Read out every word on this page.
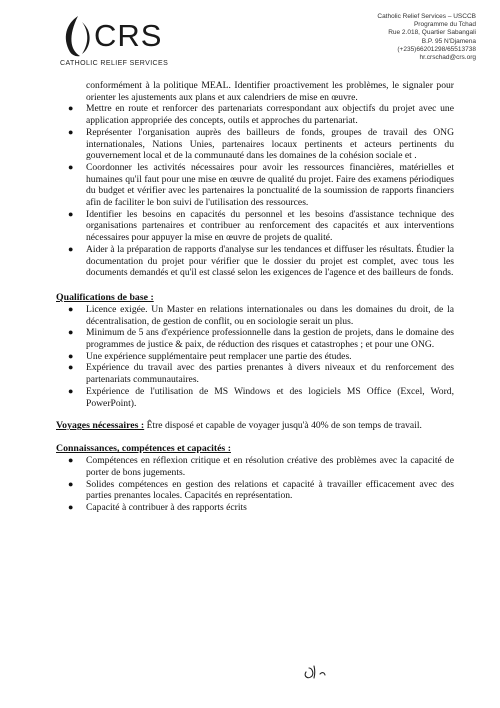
CRS
CATHOLIC RELIEF SERVICES
Catholic Relief Services – USCCB
Programme du Tchad
Rue 2.018, Quartier Sabangali
B.P. 95 N'Djamena
(+235)66201298/65513738
hr.crschad@crs.org
conformément à la politique MEAL. Identifier proactivement les problèmes, le signaler pour orienter les ajustements aux plans et aux calendriers de mise en œuvre.
● Mettre en route et renforcer des partenariats correspondant aux objectifs du projet avec une application appropriée des concepts, outils et approches du partenariat.
● Représenter l'organisation auprès des bailleurs de fonds, groupes de travail des ONG internationales, Nations Unies, partenaires locaux pertinents et acteurs pertinents du gouvernement local et de la communauté dans les domaines de la cohésion sociale et .
● Coordonner les activités nécessaires pour avoir les ressources financières, matérielles et humaines qu'il faut pour une mise en œuvre de qualité du projet. Faire des examens périodiques du budget et vérifier avec les partenaires la ponctualité de la soumission de rapports financiers afin de faciliter le bon suivi de l'utilisation des ressources.
● Identifier les besoins en capacités du personnel et les besoins d'assistance technique des organisations partenaires et contribuer au renforcement des capacités et aux interventions nécessaires pour appuyer la mise en œuvre de projets de qualité.
● Aider à la préparation de rapports d'analyse sur les tendances et diffuser les résultats. Étudier la documentation du projet pour vérifier que le dossier du projet est complet, avec tous les documents demandés et qu'il est classé selon les exigences de l'agence et des bailleurs de fonds.
Qualifications de base :
● Licence exigée. Un Master en relations internationales ou dans les domaines du droit, de la décentralisation, de gestion de conflit, ou en sociologie serait un plus.
● Minimum de 5 ans d'expérience professionnelle dans la gestion de projets, dans le domaine des programmes de justice & paix, de réduction des risques et catastrophes ; et pour une ONG.
● Une expérience supplémentaire peut remplacer une partie des études.
● Expérience du travail avec des parties prenantes à divers niveaux et du renforcement des partenariats communautaires.
● Expérience de l'utilisation de MS Windows et des logiciels MS Office (Excel, Word, PowerPoint).
Voyages nécessaires : Être disposé et capable de voyager jusqu'à 40% de son temps de travail.
Connaissances, compétences et capacités :
● Compétences en réflexion critique et en résolution créative des problèmes avec la capacité de porter de bons jugements.
● Solides compétences en gestion des relations et capacité à travailler efficacement avec des parties prenantes locales. Capacités en représentation.
● Capacité à contribuer à des rapports écrits
